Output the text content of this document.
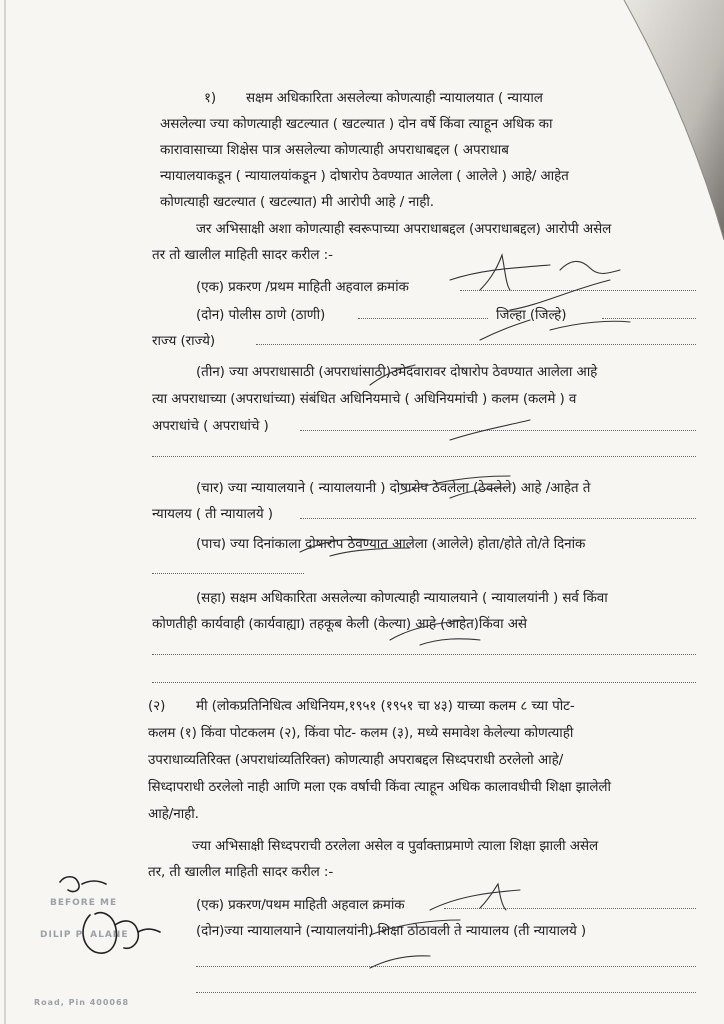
१) सक्षम अधिकारिता असलेल्या कोणत्याही न्यायालयात ( न्यायाल
असलेल्या ज्या कोणत्याही खटल्यात ( खटल्यात ) दोन वर्षे किंवा त्याहून अधिक का
कारावासाच्या शिक्षेस पात्र असलेल्या कोणत्याही अपराधाबद्दल ( अपराधाब
न्यायालयाकडून ( न्यायालयांकडून ) दोषारोप ठेवण्यात आलेला ( आलेले ) आहे/ आहेत
कोणत्याही खटल्यात ( खटल्यात) मी आरोपी आहे / नाही.
जर अभिसाक्षी अशा कोणत्याही स्वरूपाच्या अपराधाबद्दल (अपराधाबद्दल) आरोपी असेल
तर तो खालील माहिती सादर करील :-
(एक) प्रकरण /प्रथम माहिती अहवाल क्रमांक
(दोन) पोलीस ठाणे (ठाणी)	जिल्हा (जिल्हे)
राज्य (राज्ये)
(तीन) ज्या अपराधासाठी (अपराधांसाठी)उमेदवारावर दोषारोप ठेवण्यात आलेला आहे
त्या अपराधाच्या (अपराधांच्या) संबंधित अधिनियमाचे ( अधिनियमांची ) कलम (कलमे ) व
अपराधांचे ( अपराधांचे )
(चार) ज्या न्यायालयाने ( न्यायालयानी ) दोषारोप ठेवलेला (ठेवलेले) आहे /आहेत ते
न्यायलय ( ती न्यायालये )
(पाच) ज्या दिनांकाला दोषारोप ठेवण्यात आलेला (आलेले) होता/होते तो/ते दिनांक
(सहा) सक्षम अधिकारिता असलेल्या कोणत्याही न्यायालयाने ( न्यायालयांनी ) सर्व किंवा
कोणतीही कार्यवाही (कार्यवाह्या) तहकूब केली (केल्या) आहे (आहेत)किंवा असे
(२) मी (लोकप्रतिनिधित्व अधिनियम,१९५१ (१९५१ चा ४३) याच्या कलम ८ च्या पोट-
कलम (१) किंवा पोटकलम (२), किंवा पोट- कलम (३), मध्ये समावेश केलेल्या कोणत्याही
उपराधाव्यतिरिक्त (अपराधांव्यतिरिक्त) कोणत्याही अपराबद्दल सिध्दपराधी ठरलेलो आहे/
सिध्दापराधी ठरलेलो नाही आणि मला एक वर्षाची किंवा त्याहून अधिक कालावधीची शिक्षा झालेली
आहे/नाही.
ज्या अभिसाक्षी सिध्दपराची ठरलेला असेल व पुर्वाक्ताप्रमाणे त्याला शिक्षा झाली असेल
तर, ती खालील माहिती सादर करील :-
(एक) प्रकरण/पथम माहिती अहवाल क्रमांक
(दोन)ज्या न्यायालयाने (न्यायालयांनी) शिक्षा ठोठावली ते न्यायालय (ती न्यायालये )
BEFORE ME
DILIP P. ALANE
Road, Pin 400068
